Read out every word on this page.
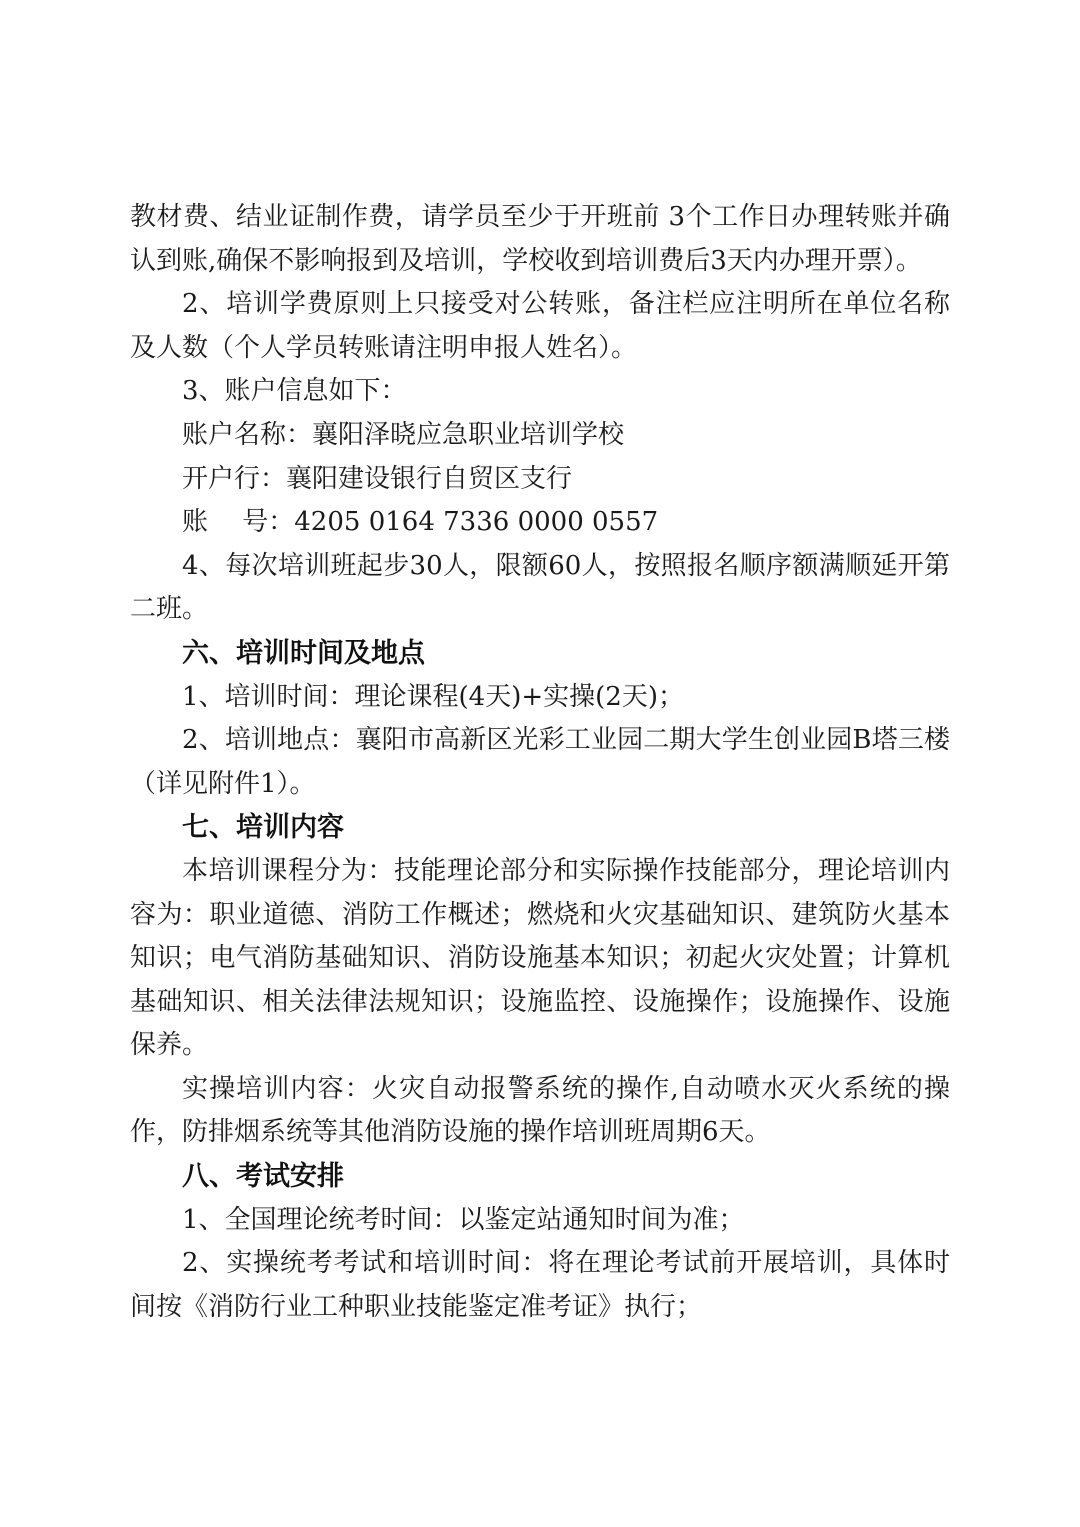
教材费、结业证制作费，请学员至少于开班前 3个工作日办理转账并确认到账,确保不影响报到及培训，学校收到培训费后3天内办理开票）。

2、培训学费原则上只接受对公转账，备注栏应注明所在单位名称及人数（个人学员转账请注明申报人姓名）。

3、账户信息如下：

账户名称：襄阳泽晓应急职业培训学校

开户行：襄阳建设银行自贸区支行

账　 号：4205 0164 7336 0000 0557

4、每次培训班起步30人，限额60人，按照报名顺序额满顺延开第二班。

六、培训时间及地点

1、培训时间：理论课程(4天)+实操(2天)；

2、培训地点：襄阳市高新区光彩工业园二期大学生创业园B塔三楼（详见附件1）。

七、培训内容

本培训课程分为：技能理论部分和实际操作技能部分，理论培训内容为：职业道德、消防工作概述；燃烧和火灾基础知识、建筑防火基本知识；电气消防基础知识、消防设施基本知识；初起火灾处置；计算机基础知识、相关法律法规知识；设施监控、设施操作；设施操作、设施保养。

实操培训内容：火灾自动报警系统的操作,自动喷水灭火系统的操作，防排烟系统等其他消防设施的操作培训班周期6天。

八、考试安排

1、全国理论统考时间：以鉴定站通知时间为准；

2、实操统考考试和培训时间：将在理论考试前开展培训，具体时间按《消防行业工种职业技能鉴定准考证》执行；
